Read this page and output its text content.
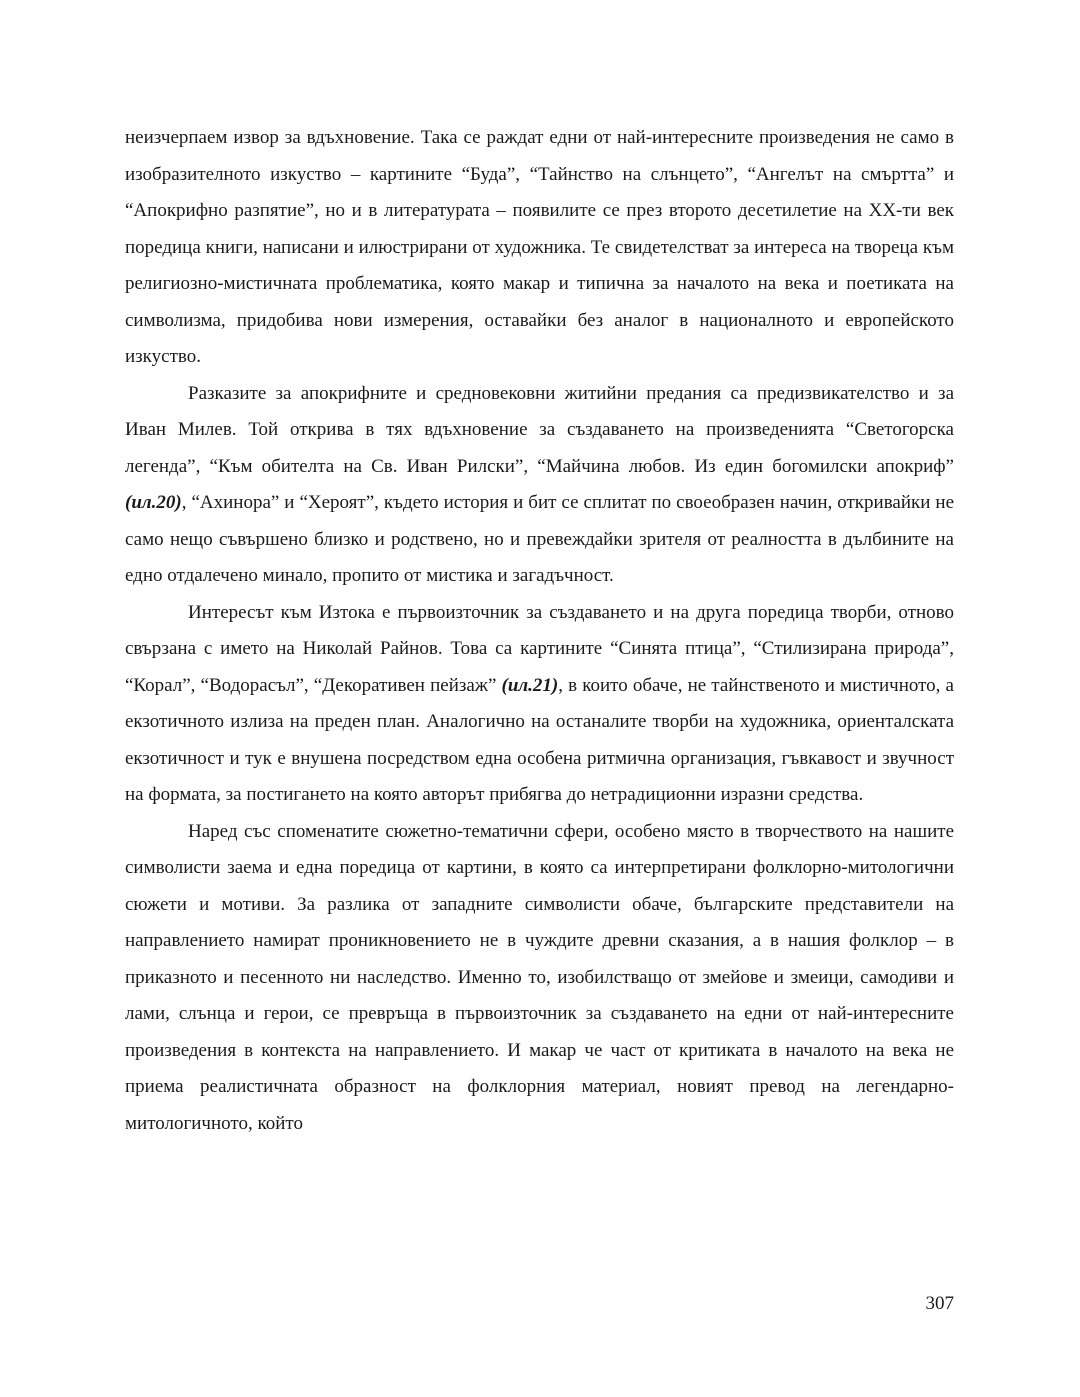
неизчерпаем извор за вдъхновение. Така се раждат едни от най-интересните произведения не само в изобразителното изкуство – картините “Буда”, “Тайнство на слънцето”, “Ангелът на смъртта” и “Апокрифно разпятие”, но и в литературата – появилите се през второто десетилетие на ХХ-ти век поредица книги, написани и илюстрирани от художника. Те свидетелстват за интереса на твореца към религиозно-мистичната проблематика, която макар и типична за началото на века и поетиката на символизма, придобива нови измерения, оставайки без аналог в националното и европейското изкуство.

Разказите за апокрифните и средновековни житийни предания са предизвикателство и за Иван Милев. Той открива в тях вдъхновение за създаването на произведенията “Светогорска легенда”, “Към обителта на Св. Иван Рилски”, “Майчина любов. Из един богомилски апокриф” (ил.20), “Ахинора” и “Хероят”, където история и бит се сплитат по своеобразен начин, откривайки не само нещо съвършено близко и родствено, но и превеждайки зрителя от реалността в дълбините на едно отдалечено минало, пропито от мистика и загадъчност.

Интересът към Изтока е първоизточник за създаването и на друга поредица творби, отново свързана с името на Николай Райнов. Това са картините “Синята птица”, “Стилизирана природа”, “Корал”, “Водорасъл”, “Декоративен пейзаж” (ил.21), в които обаче, не тайнственото и мистичното, а екзотичното излиза на преден план. Аналогично на останалите творби на художника, ориенталската екзотичност и тук е внушена посредством една особена ритмична организация, гъвкавост и звучност на формата, за постигането на която авторът прибягва до нетрадиционни изразни средства.

Наред със споменатите сюжетно-тематични сфери, особено място в творчеството на нашите символисти заема и една поредица от картини, в която са интерпретирани фолклорно-митологични сюжети и мотиви. За разлика от западните символисти обаче, българските представители на направлението намират проникновението не в чуждите древни сказания, а в нашия фолклор – в приказното и песенното ни наследство. Именно то, изобилстващо от змейове и змеици, самодиви и лами, слънца и герои, се превръща в първоизточник за създаването на едни от най-интересните произведения в контекста на направлението. И макар че част от критиката в началото на века не приема реалистичната образност на фолклорния материал, новият превод на легендарно-митологичното, който

307
